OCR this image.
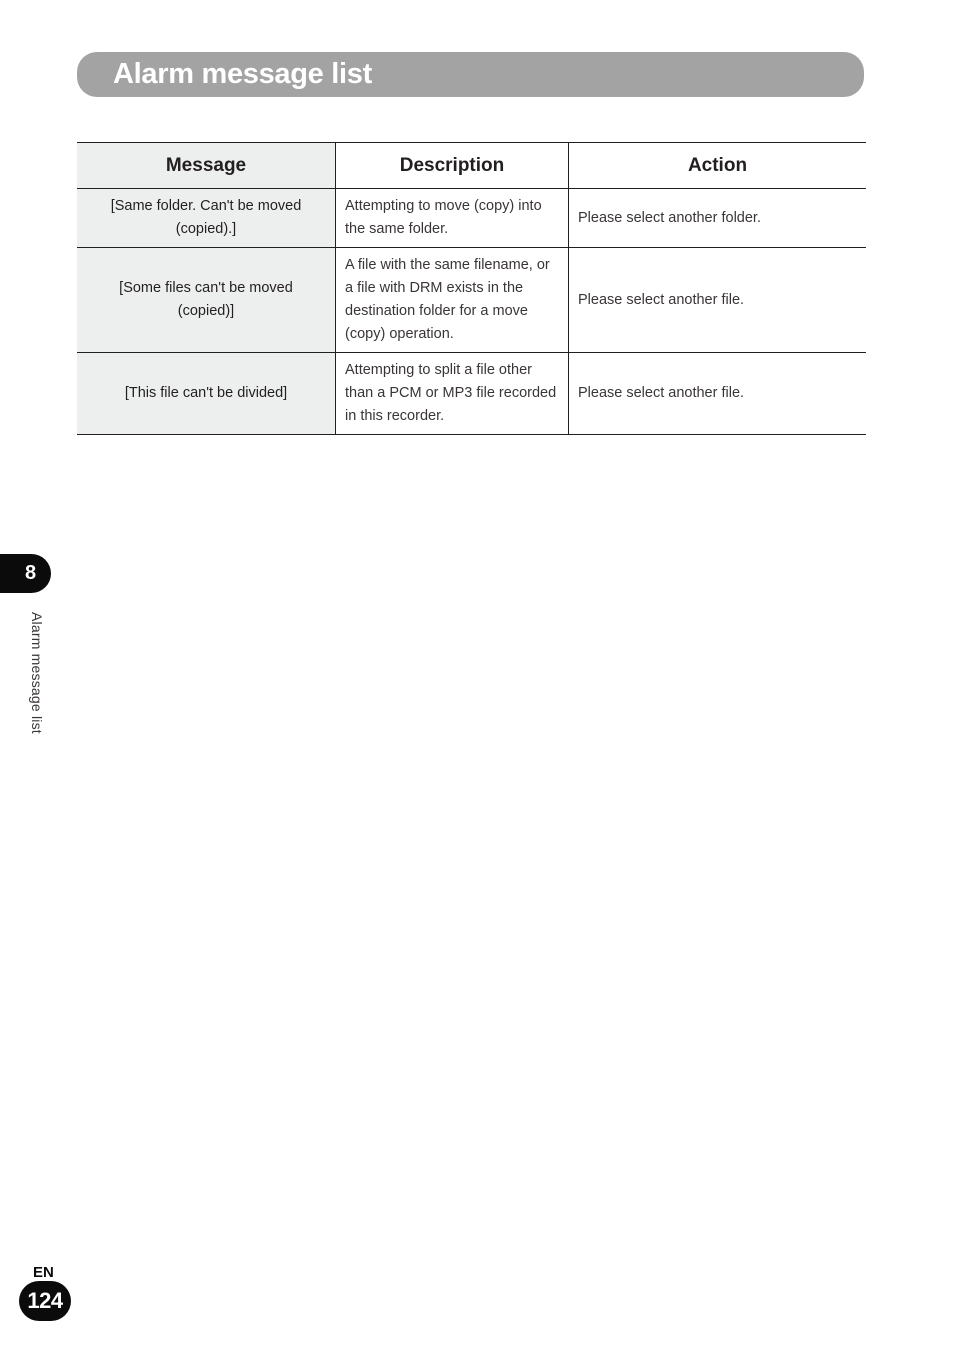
Alarm message list
Message	Description	Action
[Same folder. Can't be moved (copied).]	Attempting to move (copy) into the same folder.	Please select another folder.
[Some files can't be moved (copied)]	A file with the same filename, or a file with DRM exists in the destination folder for a move (copy) operation.	Please select another file.
[This file can't be divided]	Attempting to split a file other than a PCM or MP3 file recorded in this recorder.	Please select another file.
8
Alarm message list
EN
124
